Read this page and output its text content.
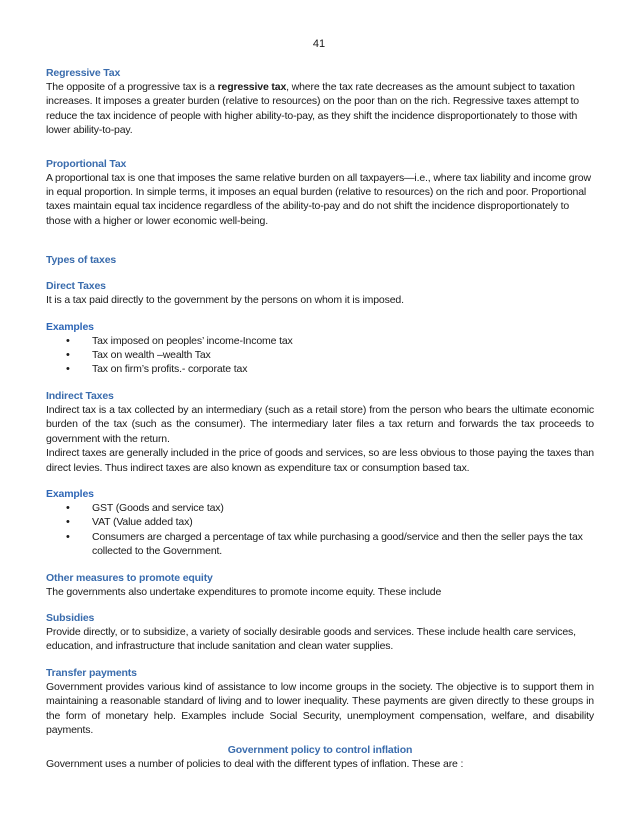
41
Regressive Tax

The opposite of a progressive tax is a regressive tax, where the tax rate decreases as the amount subject to taxation increases. It imposes a greater burden (relative to resources) on the poor than on the rich. Regressive taxes attempt to reduce the tax incidence of people with higher ability-to-pay, as they shift the incidence disproportionately to those with lower ability-to-pay.

Proportional Tax

A proportional tax is one that imposes the same relative burden on all taxpayers—i.e., where tax liability and income grow in equal proportion. In simple terms, it imposes an equal burden (relative to resources) on the rich and poor. Proportional taxes maintain equal tax incidence regardless of the ability-to-pay and do not shift the incidence disproportionately to those with a higher or lower economic well-being.

Types of taxes
Direct Taxes

It is a tax paid directly to the government by the persons on whom it is imposed.

Examples
• Tax imposed on peoples’ income-Income tax
• Tax on wealth –wealth Tax
• Tax on firm’s profits.- corporate tax
Indirect Taxes

Indirect tax is a tax collected by an intermediary (such as a retail store) from the person who bears the ultimate economic burden of the tax (such as the consumer). The intermediary later files a tax return and forwards the tax proceeds to government with the return.

Indirect taxes are generally included in the price of goods and services, so are less obvious to those paying the taxes than direct levies. Thus indirect taxes are also known as expenditure tax or consumption based tax.

Examples
• GST (Goods and service tax)
• VAT (Value added tax)
• Consumers are charged a percentage of tax while purchasing a good/service and then the seller pays the tax collected to the Government.
Other measures to promote equity

The governments also undertake expenditures to promote income equity. These include

Subsidies

Provide directly, or to subsidize, a variety of socially desirable goods and services. These include health care services, education, and infrastructure that include sanitation and clean water supplies.

Transfer payments

Government provides various kind of assistance to low income groups in the society. The objective is to support them in maintaining a reasonable standard of living and to lower inequality. These payments are given directly to these groups in the form of monetary help. Examples include Social Security, unemployment compensation, welfare, and disability payments.

Government policy to control inflation

Government uses a number of policies to deal with the different types of inflation. These are :
